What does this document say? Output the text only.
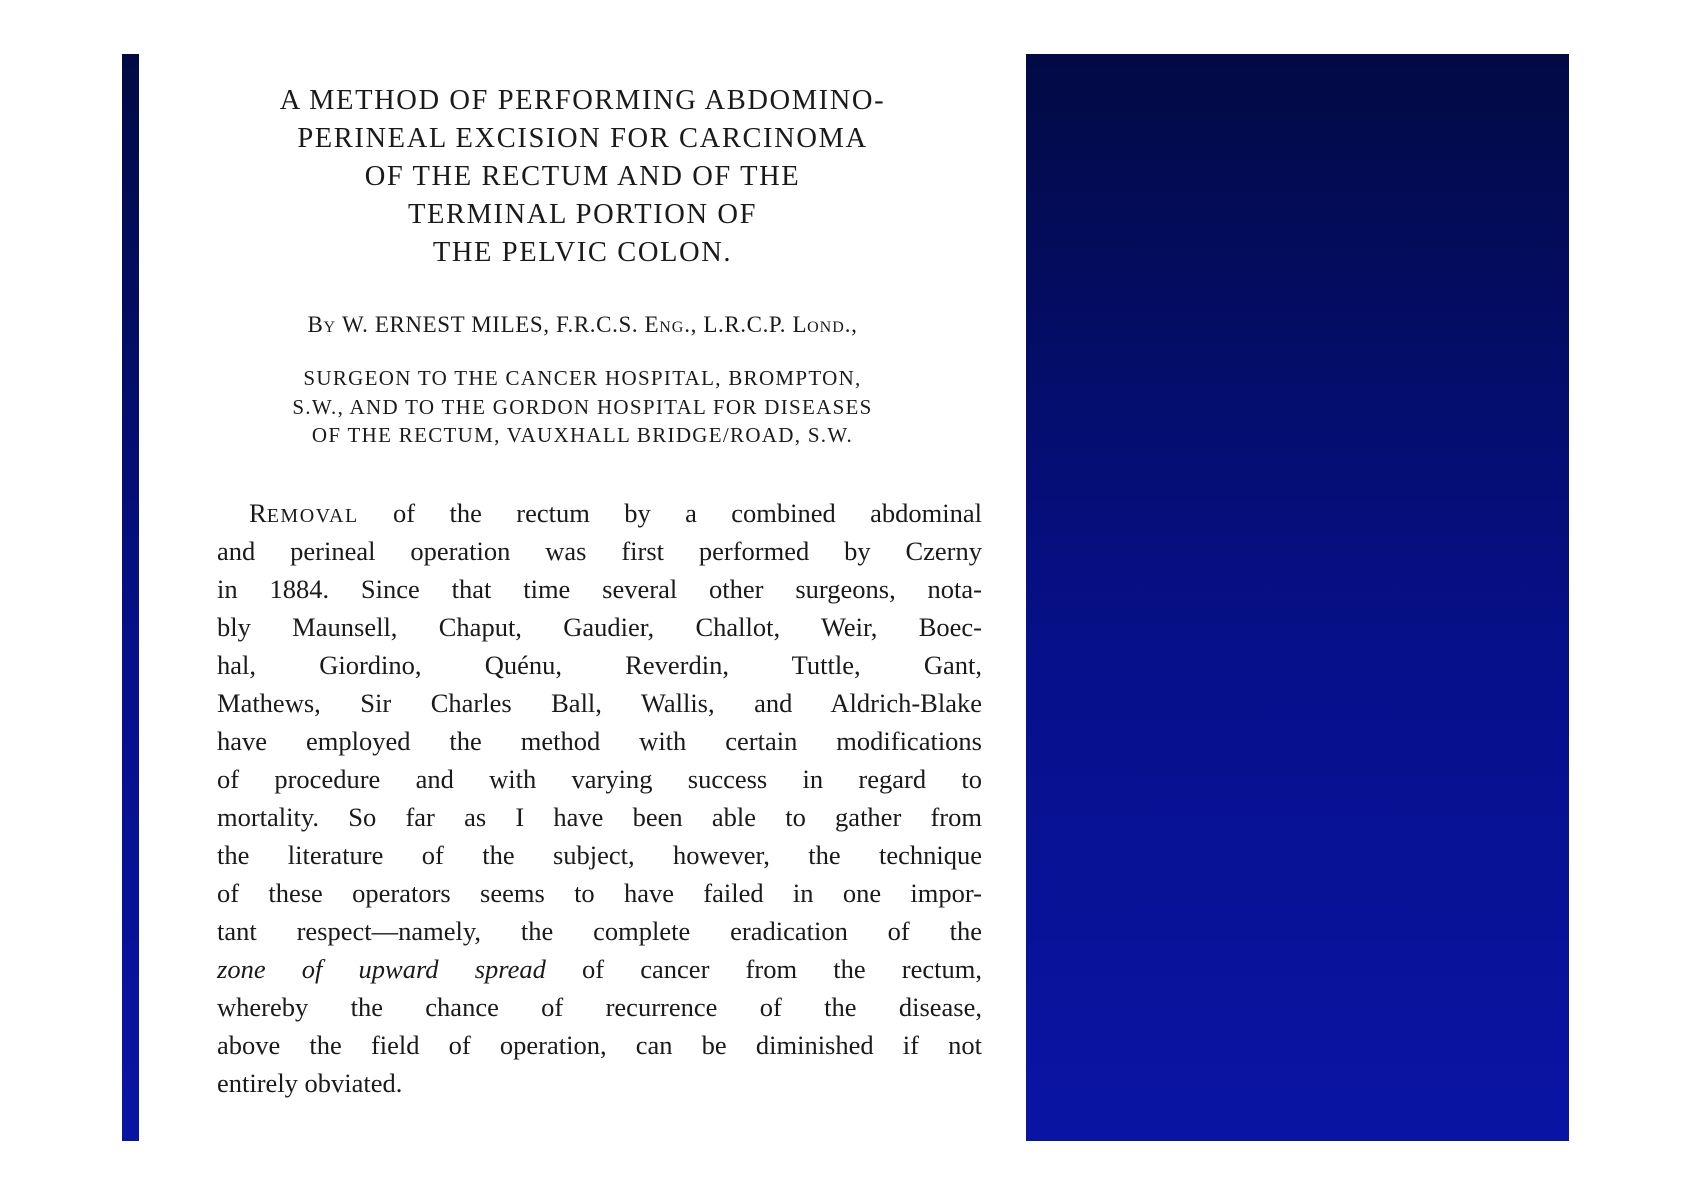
A METHOD OF PERFORMING ABDOMINO-
PERINEAL EXCISION FOR CARCINOMA
OF THE RECTUM AND OF THE
TERMINAL PORTION OF
THE PELVIC COLON.
BY W. ERNEST MILES, F.R.C.S. ENG., L.R.C.P. LOND.,
SURGEON TO THE CANCER HOSPITAL, BROMPTON,
S.W., AND TO THE GORDON HOSPITAL FOR DISEASES
OF THE RECTUM, VAUXHALL BRIDGE/ROAD, S.W.
REMOVAL of the rectum by a combined abdominal
and perineal operation was first performed by Czerny
in 1884. Since that time several other surgeons, nota-
bly Maunsell, Chaput, Gaudier, Challot, Weir, Boec-
hal, Giordino, Quénu, Reverdin, Tuttle, Gant,
Mathews, Sir Charles Ball, Wallis, and Aldrich-Blake
have employed the method with certain modifications
of procedure and with varying success in regard to
mortality. So far as I have been able to gather from
the literature of the subject, however, the technique
of these operators seems to have failed in one impor-
tant respect—namely, the complete eradication of the
zone of upward spread of cancer from the rectum,
whereby the chance of recurrence of the disease,
above the field of operation, can be diminished if not
entirely obviated.
